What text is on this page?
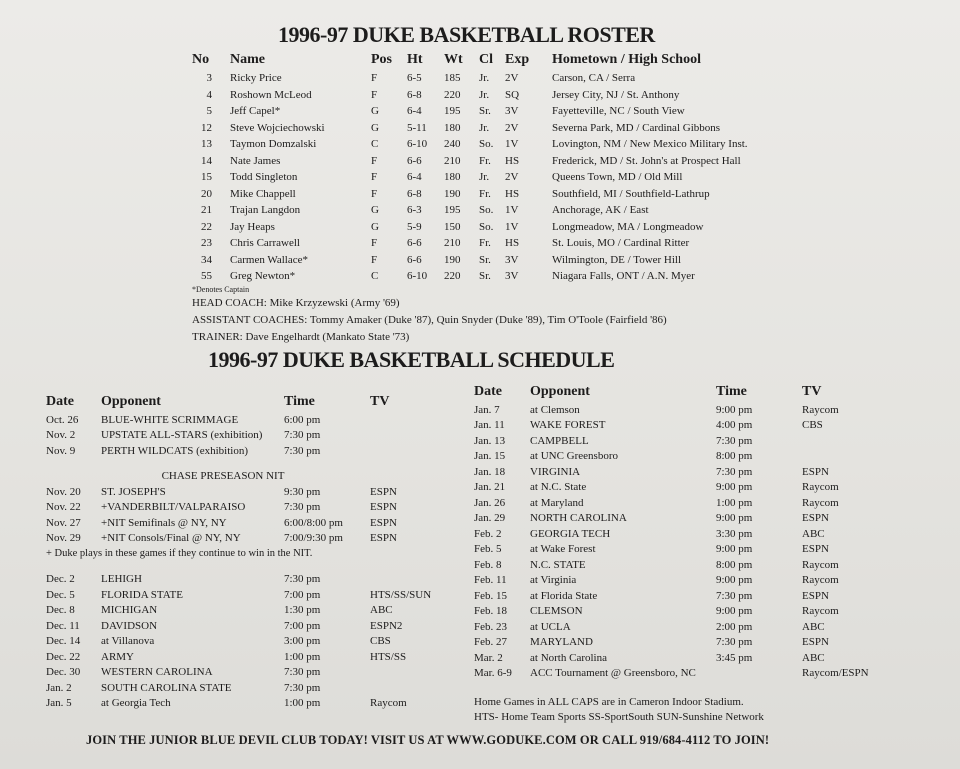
1996-97 DUKE BASKETBALL ROSTER
No	Name	Pos	Ht	Wt	Cl	Exp	Hometown / High School
3	Ricky Price	F	6-5	185	Jr.	2V	Carson, CA / Serra
4	Roshown McLeod	F	6-8	220	Jr.	SQ	Jersey City, NJ / St. Anthony
5	Jeff Capel*	G	6-4	195	Sr.	3V	Fayetteville, NC / South View
12	Steve Wojciechowski	G	5-11	180	Jr.	2V	Severna Park, MD / Cardinal Gibbons
13	Taymon Domzalski	C	6-10	240	So.	1V	Lovington, NM / New Mexico Military Inst.
14	Nate James	F	6-6	210	Fr.	HS	Frederick, MD / St. John's at Prospect Hall
15	Todd Singleton	F	6-4	180	Jr.	2V	Queens Town, MD / Old Mill
20	Mike Chappell	F	6-8	190	Fr.	HS	Southfield, MI / Southfield-Lathrup
21	Trajan Langdon	G	6-3	195	So.	1V	Anchorage, AK / East
22	Jay Heaps	G	5-9	150	So.	1V	Longmeadow, MA / Longmeadow
23	Chris Carrawell	F	6-6	210	Fr.	HS	St. Louis, MO / Cardinal Ritter
34	Carmen Wallace*	F	6-6	190	Sr.	3V	Wilmington, DE / Tower Hill
55	Greg Newton*	C	6-10	220	Sr.	3V	Niagara Falls, ONT / A.N. Myer
*Denotes Captain
HEAD COACH: Mike Krzyzewski (Army '69)
ASSISTANT COACHES: Tommy Amaker (Duke '87), Quin Snyder (Duke '89), Tim O'Toole (Fairfield '86)
TRAINER: Dave Engelhardt (Mankato State '73)
1996-97 DUKE BASKETBALL SCHEDULE
Date	Opponent	Time	TV
Oct. 26	BLUE-WHITE SCRIMMAGE	6:00 pm	
Nov. 2	UPSTATE ALL-STARS (exhibition)	7:30 pm	
Nov. 9	PERTH WILDCATS (exhibition)	7:30 pm	

CHASE PRESEASON NIT			
Nov. 20	ST. JOSEPH'S	9:30 pm	ESPN
Nov. 22	+VANDERBILT/VALPARAISO	7:30 pm	ESPN
Nov. 27	+NIT Semifinals @ NY, NY	6:00/8:00 pm	ESPN
Nov. 29	+NIT Consols/Final @ NY, NY	7:00/9:30 pm	ESPN
+ Duke plays in these games if they continue to win in the NIT.			

Dec. 2	LEHIGH	7:30 pm	
Dec. 5	FLORIDA STATE	7:00 pm	HTS/SS/SUN
Dec. 8	MICHIGAN	1:30 pm	ABC
Dec. 11	DAVIDSON	7:00 pm	ESPN2
Dec. 14	at Villanova	3:00 pm	CBS
Dec. 22	ARMY	1:00 pm	HTS/SS
Dec. 30	WESTERN CAROLINA	7:30 pm	
Jan. 2	SOUTH CAROLINA STATE	7:30 pm	
Jan. 5	at Georgia Tech	1:00 pm	Raycom
Date	Opponent	Time	TV
Jan. 7	at Clemson	9:00 pm	Raycom
Jan. 11	WAKE FOREST	4:00 pm	CBS
Jan. 13	CAMPBELL	7:30 pm	
Jan. 15	at UNC Greensboro	8:00 pm	
Jan. 18	VIRGINIA	7:30 pm	ESPN
Jan. 21	at N.C. State	9:00 pm	Raycom
Jan. 26	at Maryland	1:00 pm	Raycom
Jan. 29	NORTH CAROLINA	9:00 pm	ESPN
Feb. 2	GEORGIA TECH	3:30 pm	ABC
Feb. 5	at Wake Forest	9:00 pm	ESPN
Feb. 8	N.C. STATE	8:00 pm	Raycom
Feb. 11	at Virginia	9:00 pm	Raycom
Feb. 15	at Florida State	7:30 pm	ESPN
Feb. 18	CLEMSON	9:00 pm	Raycom
Feb. 23	at UCLA	2:00 pm	ABC
Feb. 27	MARYLAND	7:30 pm	ESPN
Mar. 2	at North Carolina	3:45 pm	ABC
Mar. 6-9	ACC Tournament @ Greensboro, NC		Raycom/ESPN
Home Games in ALL CAPS are in Cameron Indoor Stadium.
HTS- Home Team Sports SS-SportSouth SUN-Sunshine Network
JOIN THE JUNIOR BLUE DEVIL CLUB TODAY! VISIT US AT WWW.GODUKE.COM OR CALL 919/684-4112 TO JOIN!
